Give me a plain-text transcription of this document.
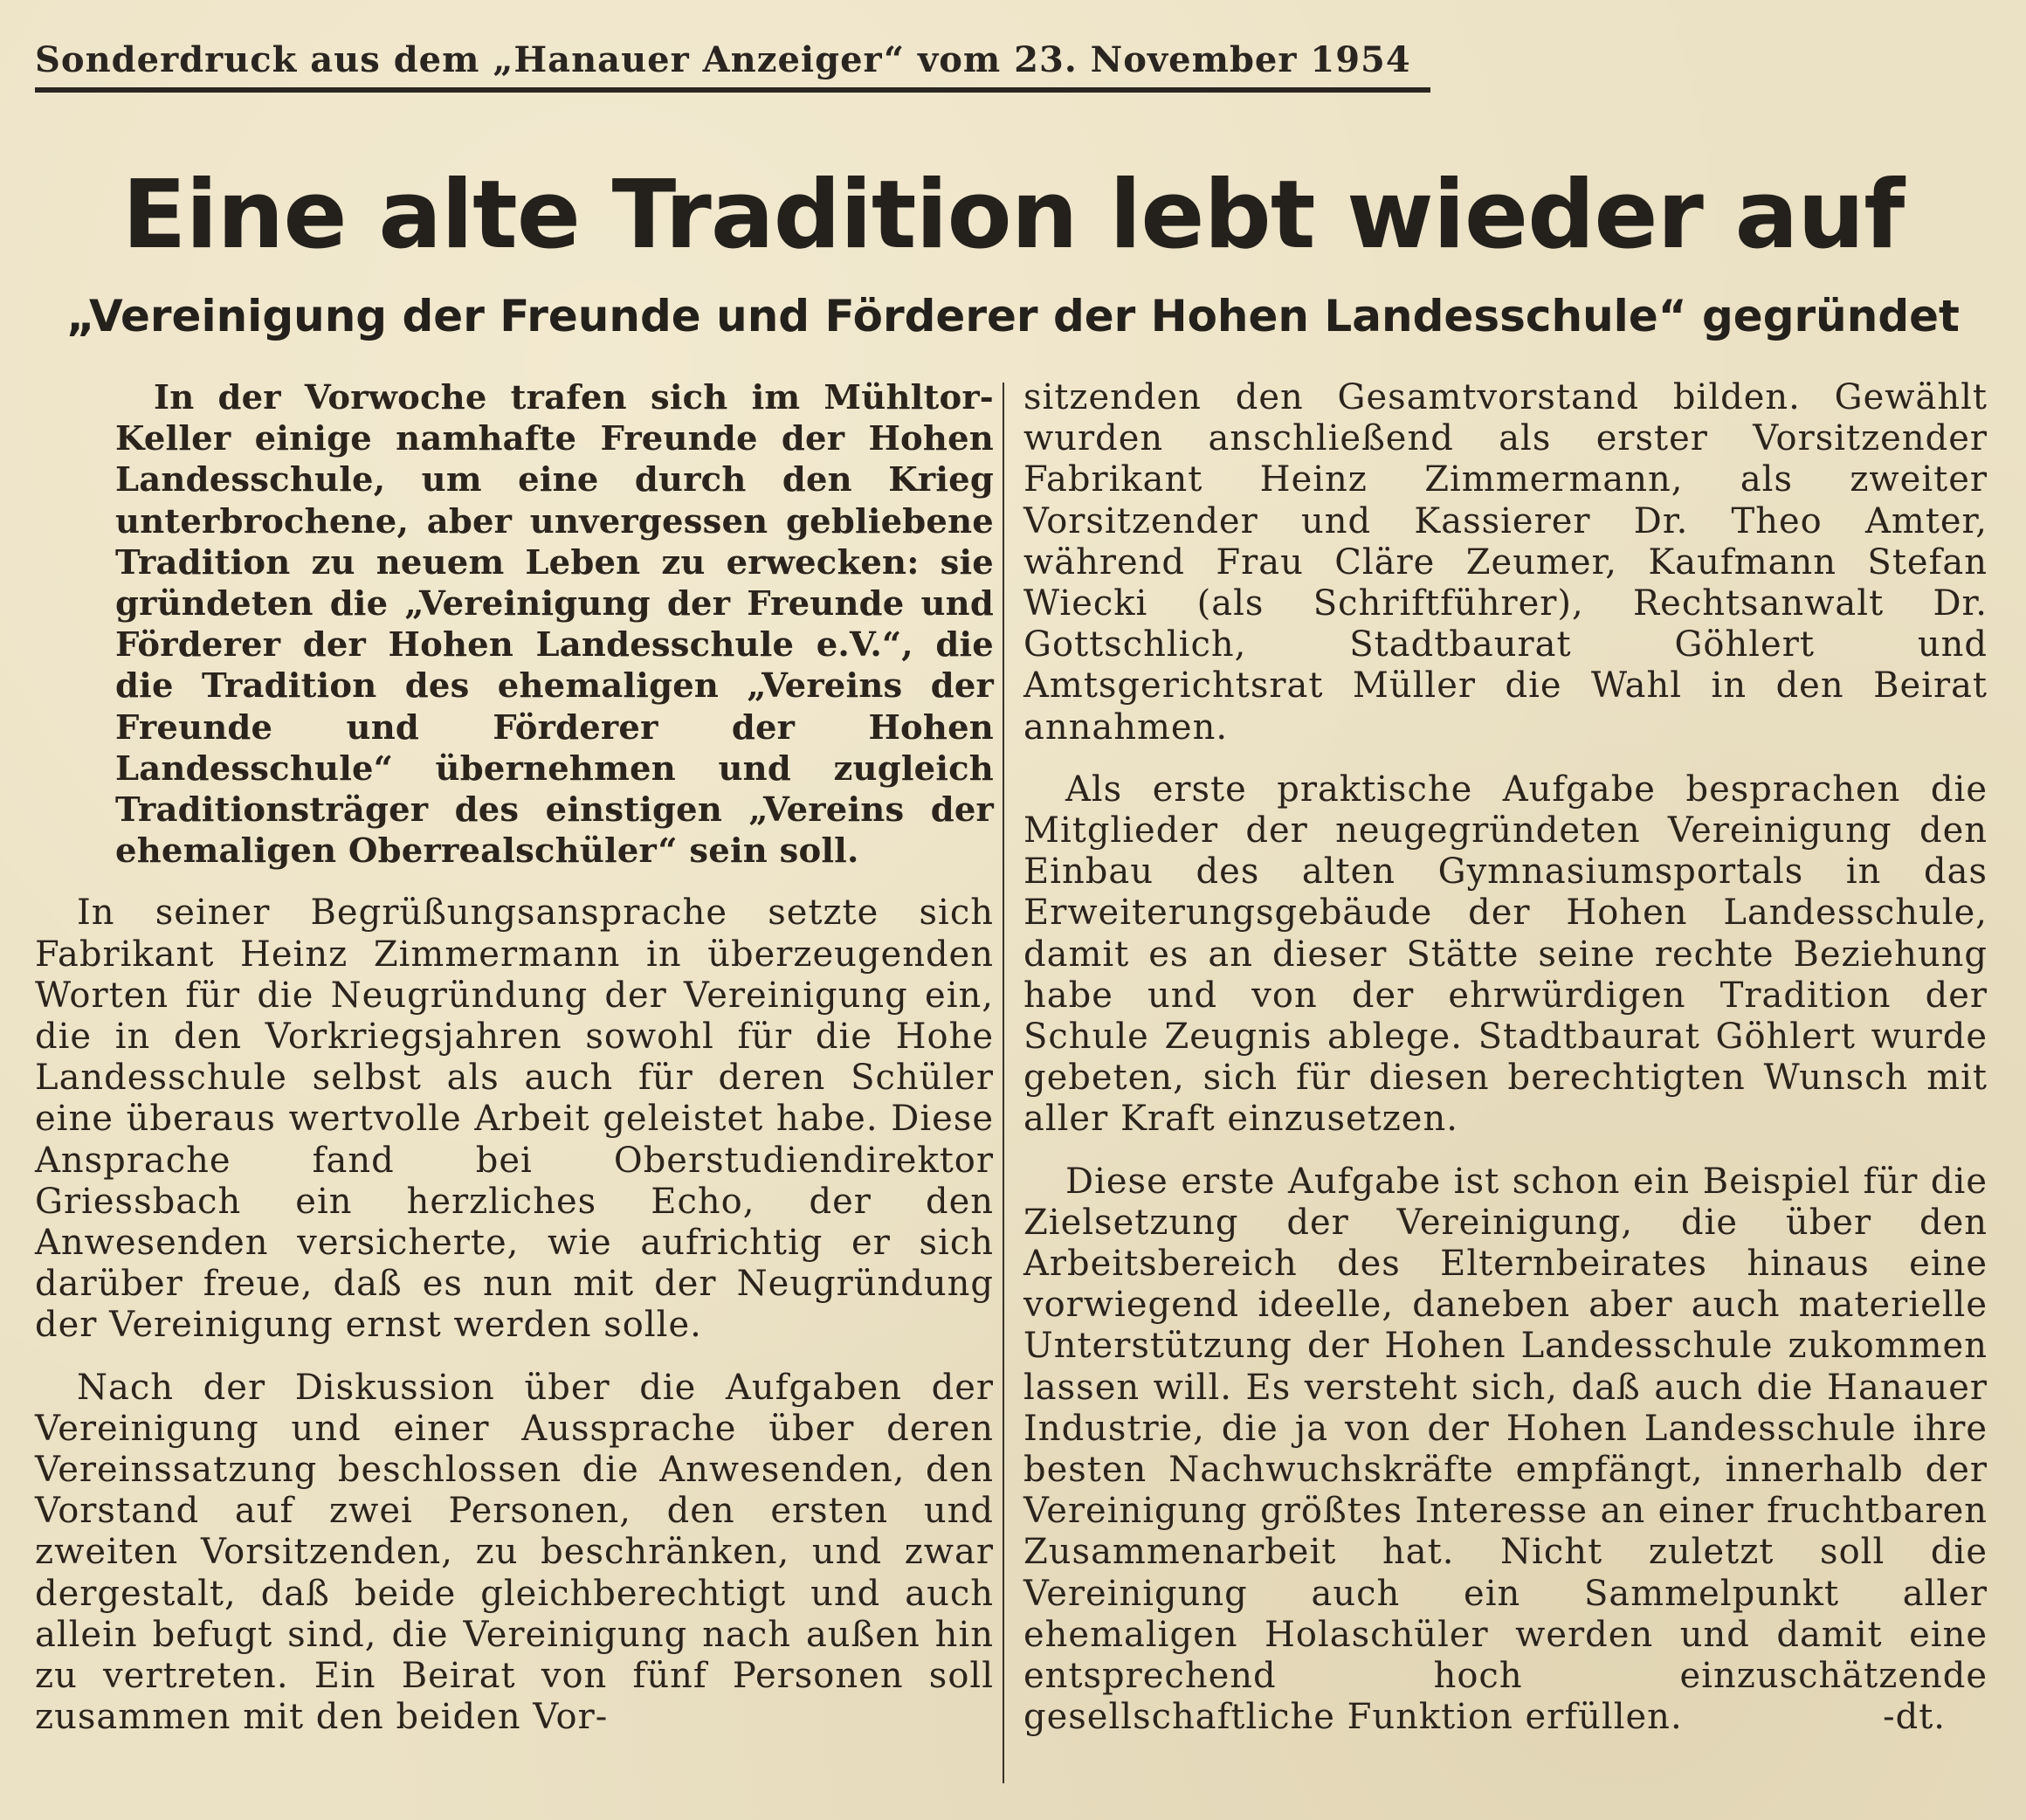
Sonderdruck aus dem „Hanauer Anzeiger“ vom 23. November 1954
Eine alte Tradition lebt wieder auf
„Vereinigung der Freunde und Förderer der Hohen Landesschule“ gegründet

In der Vorwoche trafen sich im Mühltor-Keller einige namhafte Freunde der Hohen Landesschule, um eine durch den Krieg unterbrochene, aber unvergessen gebliebene Tradition zu neuem Leben zu erwecken: sie gründeten die „Vereinigung der Freunde und Förderer der Hohen Landesschule e.V.“, die die Tradition des ehemaligen „Vereins der Freunde und Förderer der Hohen Landesschule“ übernehmen und zugleich Traditionsträger des einstigen „Vereins der ehemaligen Oberrealschüler“ sein soll.

In seiner Begrüßungsansprache setzte sich Fabrikant Heinz Zimmermann in überzeugenden Worten für die Neugründung der Vereinigung ein, die in den Vorkriegsjahren sowohl für die Hohe Landesschule selbst als auch für deren Schüler eine überaus wertvolle Arbeit geleistet habe. Diese Ansprache fand bei Oberstudiendirektor Griessbach ein herzliches Echo, der den Anwesenden versicherte, wie aufrichtig er sich darüber freue, daß es nun mit der Neugründung der Vereinigung ernst werden solle.

Nach der Diskussion über die Aufgaben der Vereinigung und einer Aussprache über deren Vereinssatzung beschlossen die Anwesenden, den Vorstand auf zwei Personen, den ersten und zweiten Vorsitzenden, zu beschränken, und zwar dergestalt, daß beide gleichberechtigt und auch allein befugt sind, die Vereinigung nach außen hin zu vertreten. Ein Beirat von fünf Personen soll zusammen mit den beiden Vor-

sitzenden den Gesamtvorstand bilden. Gewählt wurden anschließend als erster Vorsitzender Fabrikant Heinz Zimmermann, als zweiter Vorsitzender und Kassierer Dr. Theo Amter, während Frau Cläre Zeumer, Kaufmann Stefan Wiecki (als Schriftführer), Rechtsanwalt Dr. Gottschlich, Stadtbaurat Göhlert und Amtsgerichtsrat Müller die Wahl in den Beirat annahmen.

Als erste praktische Aufgabe besprachen die Mitglieder der neugegründeten Vereinigung den Einbau des alten Gymnasiumsportals in das Erweiterungsgebäude der Hohen Landesschule, damit es an dieser Stätte seine rechte Beziehung habe und von der ehrwürdigen Tradition der Schule Zeugnis ablege. Stadtbaurat Göhlert wurde gebeten, sich für diesen berechtigten Wunsch mit aller Kraft einzusetzen.

Diese erste Aufgabe ist schon ein Beispiel für die Zielsetzung der Vereinigung, die über den Arbeitsbereich des Elternbeirates hinaus eine vorwiegend ideelle, daneben aber auch materielle Unterstützung der Hohen Landesschule zukommen lassen will. Es versteht sich, daß auch die Hanauer Industrie, die ja von der Hohen Landesschule ihre besten Nachwuchskräfte empfängt, innerhalb der Vereinigung größtes Interesse an einer fruchtbaren Zusammenarbeit hat. Nicht zuletzt soll die Vereinigung auch ein Sammelpunkt aller ehemaligen Holaschüler werden und damit eine entsprechend hoch einzuschätzende gesellschaftliche Funktion erfüllen.	-dt.
